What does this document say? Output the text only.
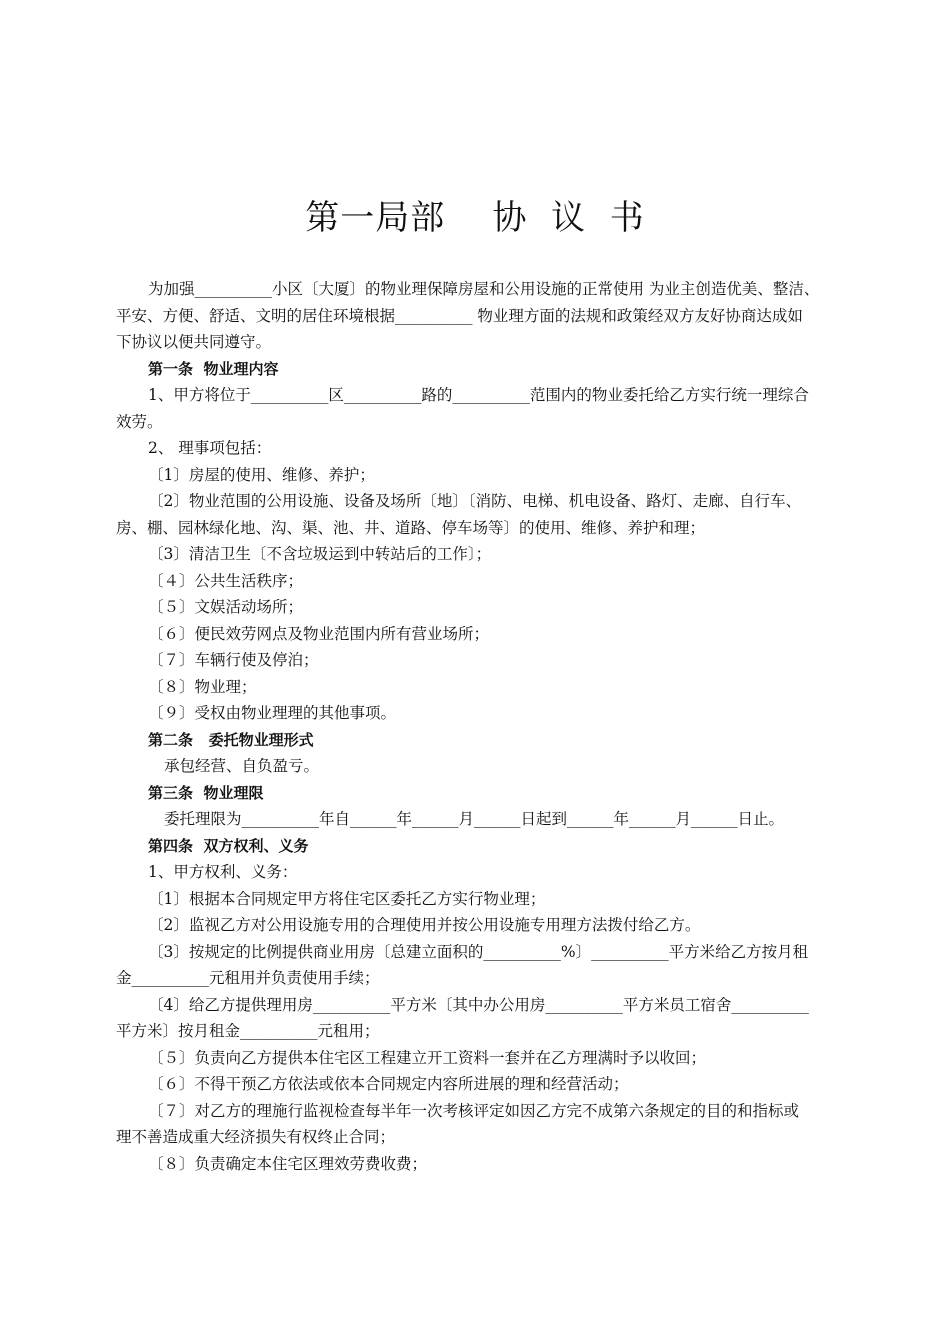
第一局部    协  议  书

为加强__________小区〔大厦〕的物业理保障房屋和公用设施的正常使用 为业主创造优美、整洁、

平安、方便、舒适、文明的居住环境根据__________ 物业理方面的法规和政策经双方友好协商达成如

下协议以便共同遵守。

第一条  物业理内容

1、甲方将位于__________区__________路的__________范围内的物业委托给乙方实行统一理综合

效劳。

2、 理事项包括：

〔1〕房屋的使用、维修、养护；

〔2〕物业范围的公用设施、设备及场所〔地〕〔消防、电梯、机电设备、路灯、走廊、自行车、

房、棚、园林绿化地、沟、渠、池、井、道路、停车场等〕的使用、维修、养护和理；

〔3〕清洁卫生〔不含垃圾运到中转站后的工作〕；

〔４〕公共生活秩序；

〔５〕文娱活动场所；

〔６〕便民效劳网点及物业范围内所有营业场所；

〔７〕车辆行使及停泊；

〔８〕物业理；

〔９〕受权由物业理理的其他事项。

第二条   委托物业理形式

承包经营、自负盈亏。

第三条  物业理限

委托理限为__________年自______年______月______日起到______年______月______日止。

第四条  双方权利、义务

1、甲方权利、义务：

〔1〕根据本合同规定甲方将住宅区委托乙方实行物业理；

〔2〕监视乙方对公用设施专用的合理使用并按公用设施专用理方法拨付给乙方。

〔3〕按规定的比例提供商业用房〔总建立面积的__________%〕__________平方米给乙方按月租

金__________元租用并负责使用手续；

〔4〕给乙方提供理用房__________平方米〔其中办公用房__________平方米员工宿舍__________

平方米〕按月租金__________元租用；

〔５〕负责向乙方提供本住宅区工程建立开工资料一套并在乙方理满时予以收回；

〔６〕不得干预乙方依法或依本合同规定内容所进展的理和经营活动；

〔７〕对乙方的理施行监视检查每半年一次考核评定如因乙方完不成第六条规定的目的和指标或

理不善造成重大经济损失有权终止合同；

〔８〕负责确定本住宅区理效劳费收费；
